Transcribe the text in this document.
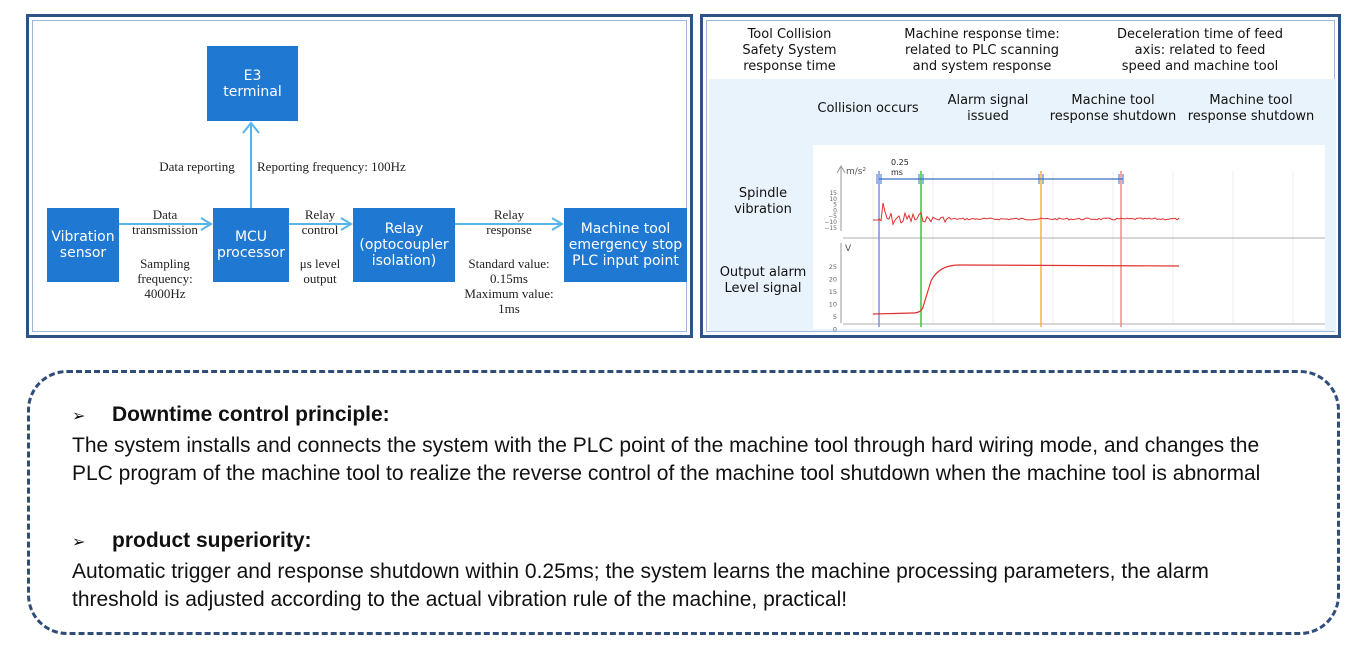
E3
terminal
Vibration
sensor
MCU
processor
Relay
(optocoupler
isolation)
Machine tool
emergency stop
PLC input point
Data reporting	Reporting frequency: 100Hz
Data
transmission
Sampling
frequency:
4000Hz
Relay
control
μs level
output
Relay
response
Standard value:
0.15ms
Maximum value:
1ms
Tool Collision
Safety System
response time
Machine response time:
related to PLC scanning
and system response
Deceleration time of feed
axis: related to feed
speed and machine tool
Collision occurs
Alarm signal
issued
Machine tool
response shutdown
Machine tool
response shutdown
Spindle
vibration
Output alarm
Level signal
m/s²
15
10
5
0
−5
−10
−15
V
25
20
15
10
5
0
0.25
ms
➢ Downtime control principle:
The system installs and connects the system with the PLC point of the machine tool through hard wiring mode, and changes the PLC program of the machine tool to realize the reverse control of the machine tool shutdown when the machine tool is abnormal
➢ product superiority:
Automatic trigger and response shutdown within 0.25ms; the system learns the machine processing parameters, the alarm threshold is adjusted according to the actual vibration rule of the machine, practical!
